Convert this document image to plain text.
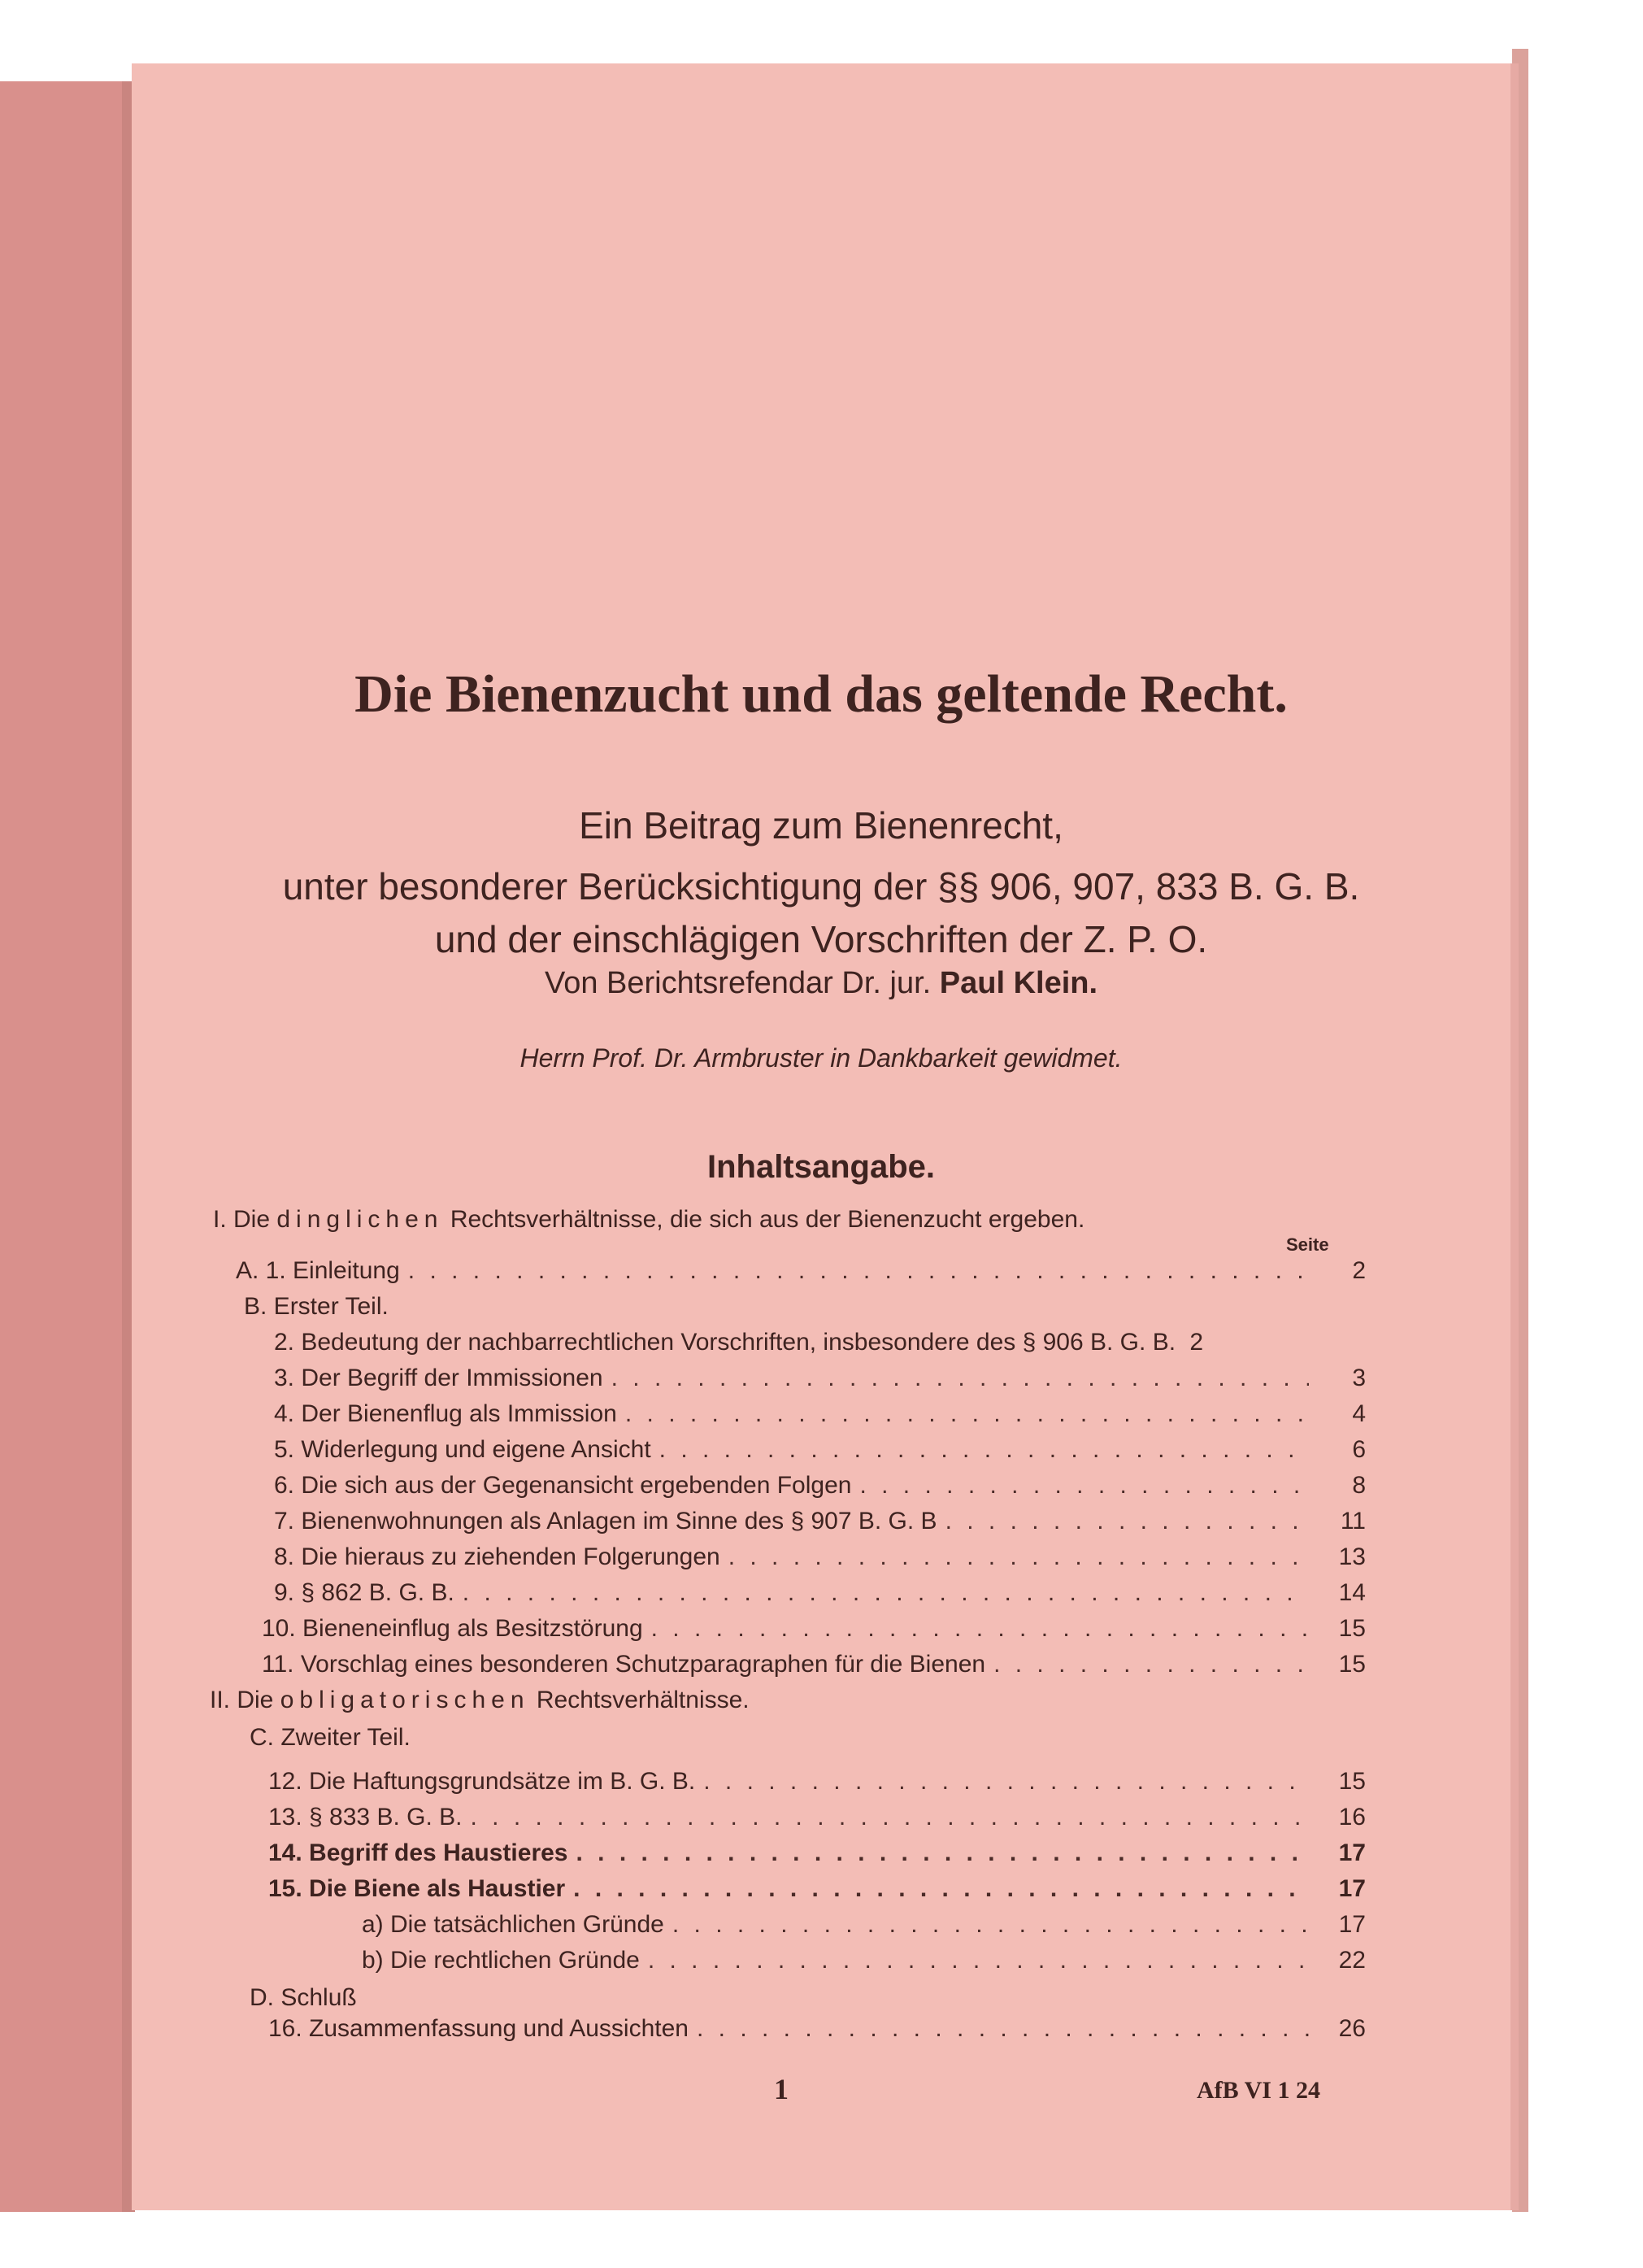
Die Bienenzucht und das geltende Recht.
Ein Beitrag zum Bienenrecht,
unter besonderer Berücksichtigung der §§ 906, 907, 833 B. G. B.
und der einschlägigen Vorschriften der Z. P. O.
Von Berichtsrefendar Dr. jur. Paul Klein.
Herrn Prof. Dr. Armbruster in Dankbarkeit gewidmet.
Inhaltsangabe.
I. Die dinglichen Rechtsverhältnisse, die sich aus der Bienenzucht ergeben.
A. 1. Einleitung . . .	2
B. Erster Teil.
2. Bedeutung der nachbarrechtlichen Vorschriften, insbesondere des § 906 B. G. B. 2
3. Der Begriff der Immissionen . . .	3
4. Der Bienenflug als Immission . . .	4
5. Widerlegung und eigene Ansicht . . .	6
6. Die sich aus der Gegenansicht ergebenden Folgen . . .	8
7. Bienenwohnungen als Anlagen im Sinne des § 907 B. G. B . . .	11
8. Die hieraus zu ziehenden Folgerungen . . .	13
9. § 862 B. G. B. . . .	14
10. Bieneneinflug als Besitzstörung . . .	15
11. Vorschlag eines besonderen Schutzparagraphen für die Bienen . . .	15
II. Die obligatorischen Rechtsverhältnisse.
C. Zweiter Teil.
12. Die Haftungsgrundsätze im B. G. B. . . .	15
13. § 833 B. G. B. . . .	16
14. Begriff des Haustieres . . .	17
15. Die Biene als Haustier . . .	17
a) Die tatsächlichen Gründe . . .	17
b) Die rechtlichen Gründe . . .	22
D. Schluß
16. Zusammenfassung und Aussichten . . .	26
Seite
1	AfB VI 1 24
